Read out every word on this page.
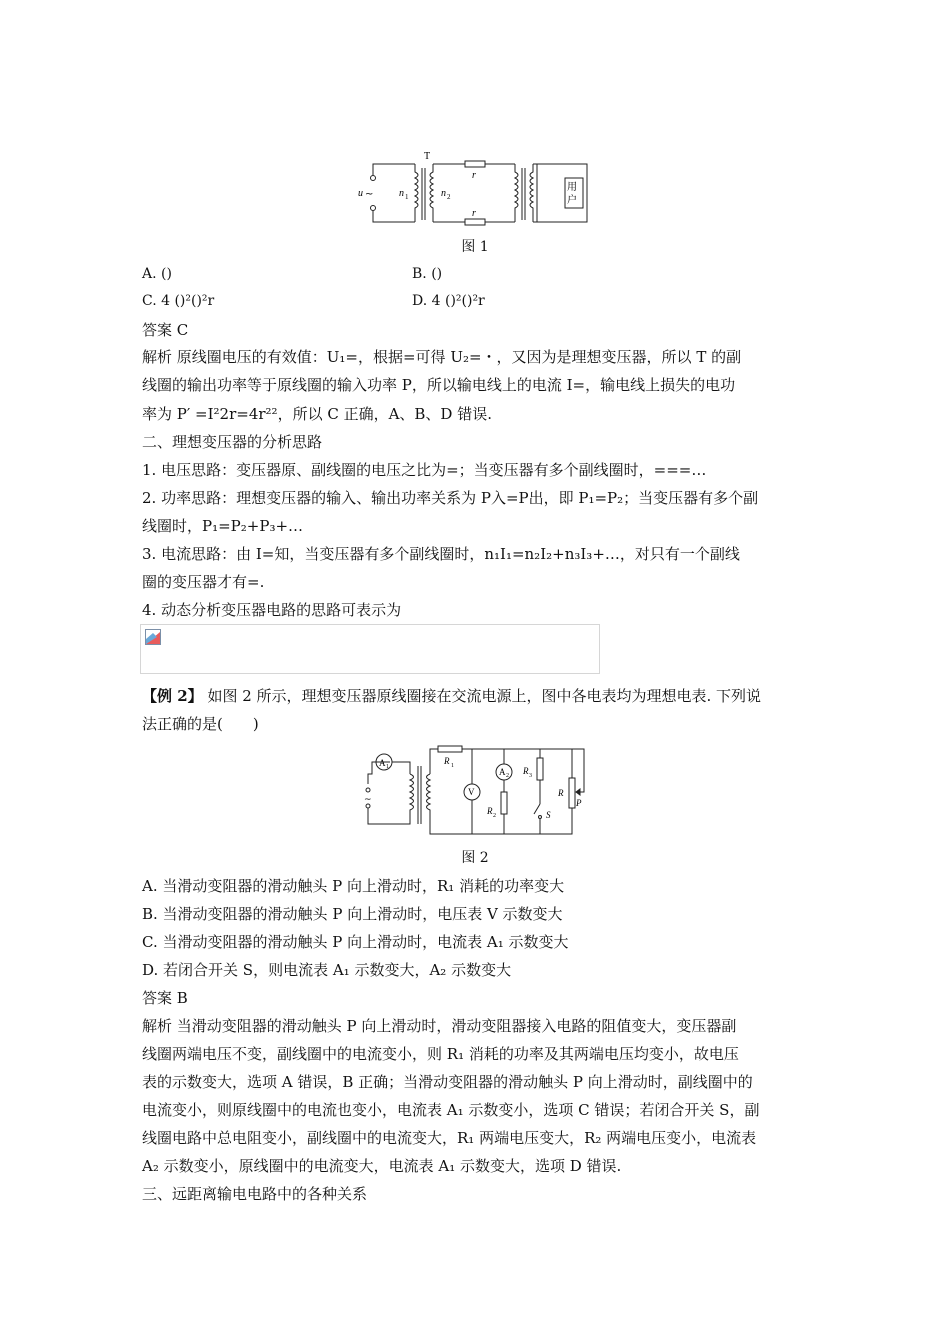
T
u ~	n 1	n 2
r
r
用
户
图 1
A. ()	B. ()
C. 4 ()²()²r	D. 4 ()²()²r
答案 C
解析 原线圈电压的有效值：U₁=，根据=可得 U₂=・，又因为是理想变压器，所以 T 的副
线圈的输出功率等于原线圈的输入功率 P，所以输电线上的电流 I=，输电线上损失的电功
率为 P′ =I²2r=4r²²，所以 C 正确，A、B、D 错误.
二、理想变压器的分析思路
1. 电压思路：变压器原、副线圈的电压之比为=；当变压器有多个副线圈时，===…
2. 功率思路：理想变压器的输入、输出功率关系为 P入=P出，即 P₁=P₂；当变压器有多个副
线圈时，P₁=P₂+P₃+…
3. 电流思路：由 I=知，当变压器有多个副线圈时，n₁I₁=n₂I₂+n₃I₃+…，对只有一个副线
圈的变压器才有=.
4. 动态分析变压器电路的思路可表示为
【例 2】 如图 2 所示，理想变压器原线圈接在交流电源上，图中各电表均为理想电表. 下列说
法正确的是(　　)
A 1
~
R 1
V
A 2
R 2
R 3
R
P
S
图 2
A. 当滑动变阻器的滑动触头 P 向上滑动时，R₁ 消耗的功率变大
B. 当滑动变阻器的滑动触头 P 向上滑动时，电压表 V 示数变大
C. 当滑动变阻器的滑动触头 P 向上滑动时，电流表 A₁ 示数变大
D. 若闭合开关 S，则电流表 A₁ 示数变大，A₂ 示数变大
答案 B
解析 当滑动变阻器的滑动触头 P 向上滑动时，滑动变阻器接入电路的阻值变大，变压器副
线圈两端电压不变，副线圈中的电流变小，则 R₁ 消耗的功率及其两端电压均变小，故电压
表的示数变大，选项 A 错误，B 正确；当滑动变阻器的滑动触头 P 向上滑动时，副线圈中的
电流变小，则原线圈中的电流也变小，电流表 A₁ 示数变小，选项 C 错误；若闭合开关 S，副
线圈电路中总电阻变小，副线圈中的电流变大，R₁ 两端电压变大，R₂ 两端电压变小，电流表
A₂ 示数变小，原线圈中的电流变大，电流表 A₁ 示数变大，选项 D 错误.
三、远距离输电电路中的各种关系
